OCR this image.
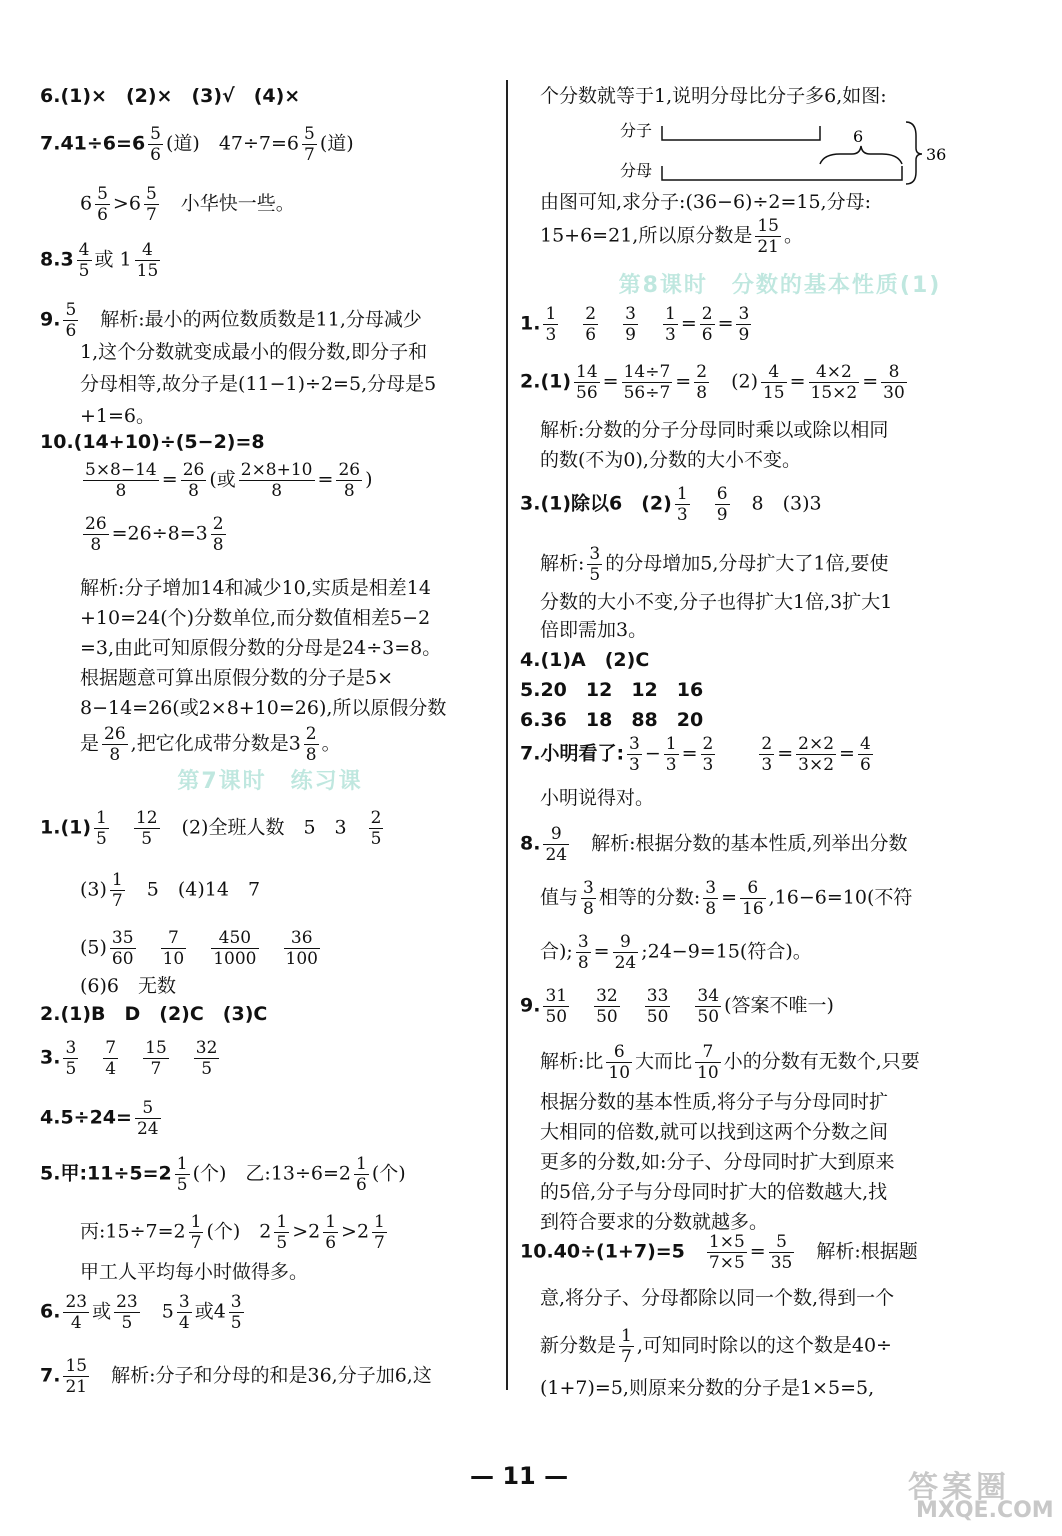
6.(1)×　(2)×　(3)√　(4)×
$7.41\div 6=6 \frac{5}{6}$ (道)　$47\div 7=6 \frac{5}{7}$ (道)
$6 \frac{5}{6} >6 \frac{5}{7}$ 　小华快一些。
$8.3 \frac{4}{5}$ 或 $1 \frac{4}{15}$
9. $\frac{5}{6}$ 　解析:最小的两位数质数是11,分母减少
1,这个分数就变成最小的假分数,即分子和
分母相等,故分子是(11−1)÷2=5,分母是5
+1=6。
10.(14+10)÷(5−2)=8
$\frac{5\times 8-14}{8} = \frac{26}{8}$ (或 $\frac{2\times 8+10}{8} = \frac{26}{8}$ )
$\frac{26}{8} =26\div 8=3 \frac{2}{8}$
解析:分子增加14和减少10,实质是相差14
+10=24(个)分数单位,而分数值相差5−2
=3,由此可知原假分数的分母是24÷3=8。
根据题意可算出原假分数的分子是5×
8−14=26(或2×8+10=26),所以原假分数
是 $\frac{26}{8}$ ,把它化成带分数是$3 \frac{2}{8}$ 。
第7课时　练习课
$1.(1) \frac{1}{5}$
　 $\frac{12}{5}$
　 (2)全班人数　5　3　 $\frac{2}{5}$
$(3) \frac{1}{7}$
　 5　(4)14　7
$(5) \frac{35}{60}$
　 $\frac{7}{10}$
　 $\frac{450}{1000}$
　 $\frac{36}{100}$
(6)6　无数
2.(1)B　D　(2)C　(3)C
3. $\frac{3}{5}$
　 $\frac{7}{4}$
　 $\frac{15}{7}$
　 $\frac{32}{5}$
$4.5\div 24= \frac{5}{24}$
5.甲:11÷5=2 $\frac{1}{5}$ (个)　乙:13÷6=2 $\frac{1}{6}$ (个)
丙:15÷7=2 $\frac{1}{7}$ (个)　$2 \frac{1}{5} >2 \frac{1}{6} >2 \frac{1}{7}$
甲工人平均每小时做得多。
6. $\frac{23}{4}$ 或 $\frac{23}{5}$
　 $5 \frac{3}{4}$ 或$4 \frac{3}{5}$
7. $\frac{15}{21}$ 　解析:分子和分母的和是36,分子加6,这
个分数就等于1,说明分母比分子多6,如图:
分子
分母
6
36
由图可知,求分子:(36−6)÷2=15,分母:
15+6=21,所以原分数是 $\frac{15}{21}$ 。
第8课时　分数的基本性质(1)
1. $\frac{1}{3}$
　 $\frac{2}{6}$
　 $\frac{3}{9}$
　 $\frac{1}{3} = \frac{2}{6} = \frac{3}{9}$
$2.(1) \frac{14}{56} = \frac{14\div 7}{56\div 7} = \frac{2}{8}$
　 $(2) \frac{4}{15} = \frac{4\times 2}{15\times 2} = \frac{8}{30}$
解析:分数的分子分母同时乘以或除以相同
的数(不为0),分数的大小不变。
3.(1)除以6　$(2) \frac{1}{3}$
　 $\frac{6}{9}$
　 8　(3)3
解析: $\frac{3}{5}$ 的分母增加5,分母扩大了1倍,要使
分数的大小不变,分子也得扩大1倍,3扩大1
倍即需加3。
4.(1)A　(2)C
5.20　12　12　16
6.36　18　88　20
7.小明看了: $\frac{3}{3} - \frac{1}{3} = \frac{2}{3}$
　　	$\frac{2}{3} = \frac{2\times 2}{3\times 2} = \frac{4}{6}$
小明说得对。
8. $\frac{9}{24}$ 　解析:根据分数的基本性质,列举出分数
值与 $\frac{3}{8}$ 相等的分数: $\frac{3}{8} = \frac{6}{16} ,16-6=10$(不符
合); $\frac{3}{8} = \frac{9}{24}$ ;24−9=15(符合)。
9. $\frac{31}{50}$
　 $\frac{32}{50}$
　 $\frac{33}{50}$
　 $\frac{34}{50}$ (答案不唯一)
解析:比 $\frac{6}{10}$ 大而比 $\frac{7}{10}$ 小的分数有无数个,只要
根据分数的基本性质,将分子与分母同时扩
大相同的倍数,就可以找到这两个分数之间
更多的分数,如:分子、分母同时扩大到原来
的5倍,分子与分母同时扩大的倍数越大,找
到符合要求的分数就越多。
10.40÷(1+7)=5　 $\frac{1\times 5}{7\times 5} = \frac{5}{35}$ 　解析:根据题
意,将分子、分母都除以同一个数,得到一个
新分数是 $\frac{1}{7}$ ,可知同时除以的这个数是40÷
(1+7)=5,则原来分数的分子是1×5=5,
— 11 —	答案圈
MXQE.COM
